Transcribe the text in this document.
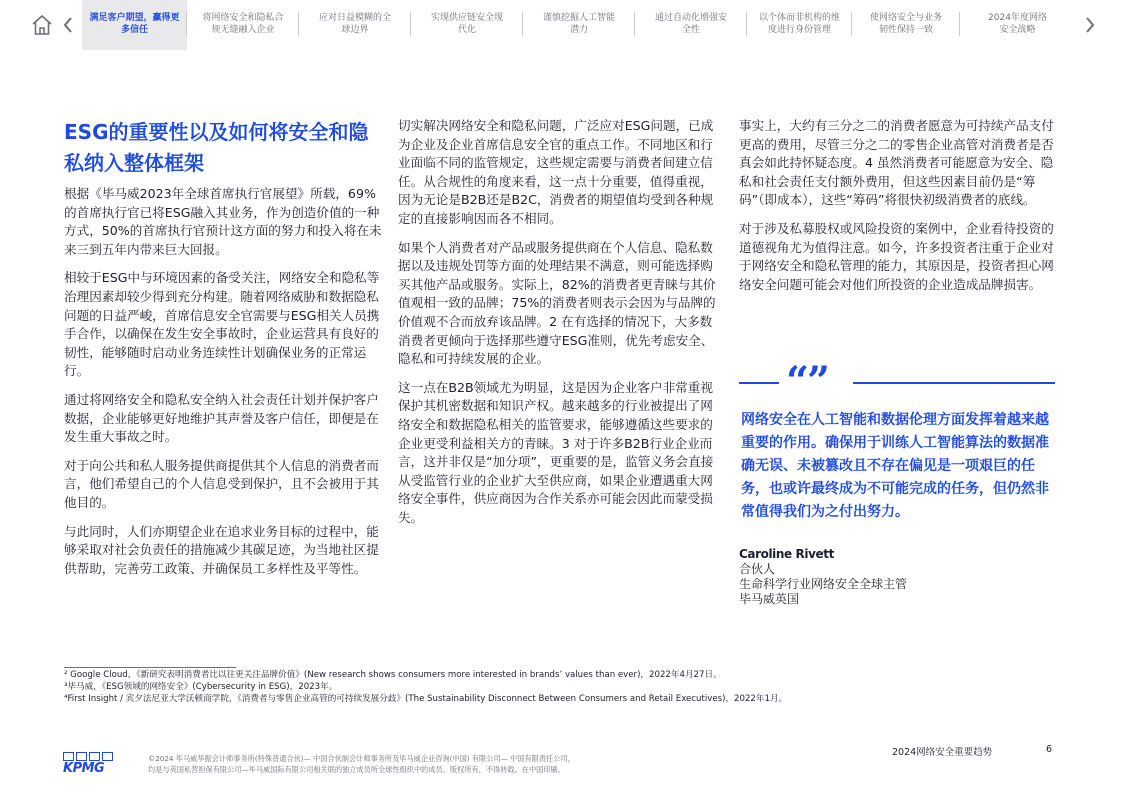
满足客户期望，赢得更多信任
将网络安全和隐私合规无缝融入企业
应对日益模糊的全球边界
实现供应链安全现代化
谨慎挖掘人工智能潜力
通过自动化增强安全性
以个体而非机构的维度进行身份管理
使网络安全与业务韧性保持一致
2024年度网络安全战略
ESG的重要性以及如何将安全和隐私纳入整体框架

根据《毕马威2023年全球首席执行官展望》所载，69%的首席执行官已将ESG融入其业务，作为创造价值的一种方式，50%的首席执行官预计这方面的努力和投入将在未来三到五年内带来巨大回报。

相较于ESG中与环境因素的备受关注，网络安全和隐私等治理因素却较少得到充分构建。随着网络威胁和数据隐私问题的日益严峻，首席信息安全官需要与ESG相关人员携手合作，以确保在发生安全事故时，企业运营具有良好的韧性，能够随时启动业务连续性计划确保业务的正常运行。

通过将网络安全和隐私安全纳入社会责任计划并保护客户数据，企业能够更好地维护其声誉及客户信任，即便是在发生重大事故之时。

对于向公共和私人服务提供商提供其个人信息的消费者而言，他们希望自己的个人信息受到保护，且不会被用于其他目的。

与此同时，人们亦期望企业在追求业务目标的过程中，能够采取对社会负责任的措施减少其碳足迹，为当地社区提供帮助，完善劳工政策、并确保员工多样性及平等性。

切实解决网络安全和隐私问题，广泛应对ESG问题，已成为企业及企业首席信息安全官的重点工作。不同地区和行业面临不同的监管规定，这些规定需要与消费者间建立信任。从合规性的角度来看，这一点十分重要，值得重视，因为无论是B2B还是B2C，消费者的期望值均受到各种规定的直接影响因而各不相同。

如果个人消费者对产品或服务提供商在个人信息、隐私数据以及违规处罚等方面的处理结果不满意，则可能选择购买其他产品或服务。实际上，82%的消费者更青睐与其价值观相一致的品牌；75%的消费者则表示会因为与品牌的价值观不合而放弃该品牌。2 在有选择的情况下，大多数消费者更倾向于选择那些遵守ESG准则，优先考虑安全、隐私和可持续发展的企业。

这一点在B2B领域尤为明显，这是因为企业客户非常重视保护其机密数据和知识产权。越来越多的行业被提出了网络安全和数据隐私相关的监管要求，能够遵循这些要求的企业更受利益相关方的青睐。3 对于许多B2B行业企业而言，这并非仅是“加分项”，更重要的是，监管义务会直接从受监管行业的企业扩大至供应商，如果企业遭遇重大网络安全事件，供应商因为合作关系亦可能会因此而蒙受损失。

事实上，大约有三分之二的消费者愿意为可持续产品支付更高的费用，尽管三分之二的零售企业高管对消费者是否真会如此持怀疑态度。4 虽然消费者可能愿意为安全、隐私和社会责任支付额外费用，但这些因素目前仍是“筹码”（即成本），这些“筹码”将很快初级消费者的底线。

对于涉及私募股权或风险投资的案例中，企业看待投资的道德视角尤为值得注意。如今，许多投资者注重于企业对于网络安全和隐私管理的能力，其原因是，投资者担心网络安全问题可能会对他们所投资的企业造成品牌损害。

“”
网络安全在人工智能和数据伦理方面发挥着越来越重要的作用。确保用于训练人工智能算法的数据准确无误、未被篡改且不存在偏见是一项艰巨的任务，也或许最终成为不可能完成的任务，但仍然非常值得我们为之付出努力。
Caroline Rivett
合伙人
生命科学行业网络安全全球主管
毕马威英国
² Google Cloud，《新研究表明消费者比以往更关注品牌价值》(New research shows consumers more interested in brands’ values than ever)，2022年4月27日。
³毕马威，《ESG领域的网络安全》(Cybersecurity in ESG)，2023年。
⁴First Insight / 宾夕法尼亚大学沃顿商学院，《消费者与零售企业高管的可持续发展分歧》(The Sustainability Disconnect Between Consumers and Retail Executives)，2022年1月。
KPMG
©2024 毕马威华振会计师事务所(特殊普通合伙)— 中国合伙制会计师事务所及毕马威企业咨询(中国) 有限公司— 中国有限责任公司，
均是与英国私营担保有限公司—毕马威国际有限公司相关联的独立成员所全球性组织中的成员。版权所有，不得转载。在中国印刷。
2024网络安全重要趋势	6
